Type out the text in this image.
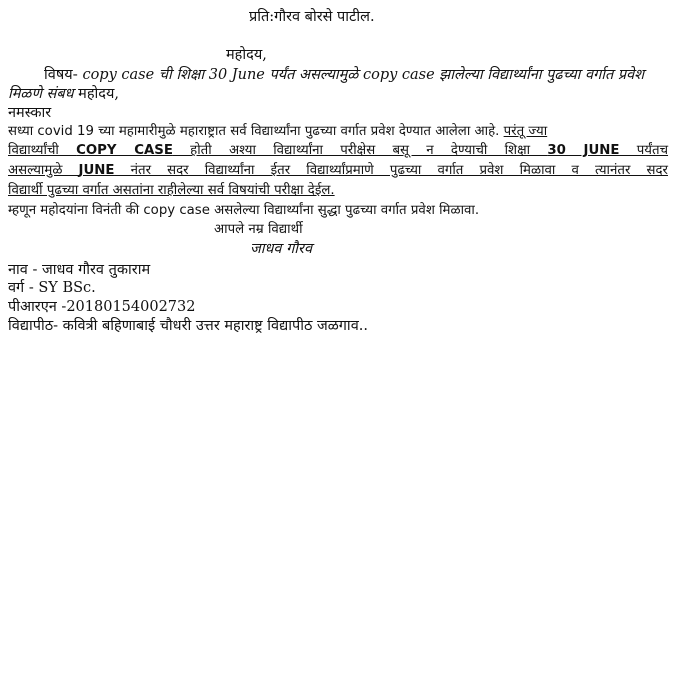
प्रति:गौरव बोरसे पाटील.
महोदय,
विषय- copy case ची शिक्षा 30 June पर्यंत असल्यामुळे copy case झालेल्या विद्यार्थ्यांना पुढच्या वर्गात प्रवेश
मिळणे संबध महोदय,
नमस्कार
सध्या covid 19 च्या महामारीमुळे महाराष्ट्रात सर्व विद्यार्थ्यांना पुढच्या वर्गात प्रवेश देण्यात आलेला आहे. परंतू ज्या
विद्यार्थ्यांची COPY CASE होती अश्या विद्यार्थ्यांना परीक्षेस बसू न देण्याची शिक्षा 30 JUNE पर्यंतच
असल्यामुळे JUNE नंतर सदर विद्यार्थ्यांना ईतर विद्यार्थ्यांप्रमाणे पुढच्या वर्गात प्रवेश मिळावा व त्यानंतर सदर
विद्यार्थी पुढच्या वर्गात असतांना राहीलेल्या सर्व विषयांची परीक्षा देईल.
म्हणून महोदयांना विनंती की copy case असलेल्या विद्यार्थ्यांना सुद्धा पुढच्या वर्गात प्रवेश मिळावा.
आपले नम्र विद्यार्थी
जाधव गौरव
नाव - जाधव गौरव तुकाराम
वर्ग - SY BSc.
पीआरएन -20180154002732
विद्यापीठ- कवित्री बहिणाबाई चौधरी उत्तर महाराष्ट्र विद्यापीठ जळगाव..
